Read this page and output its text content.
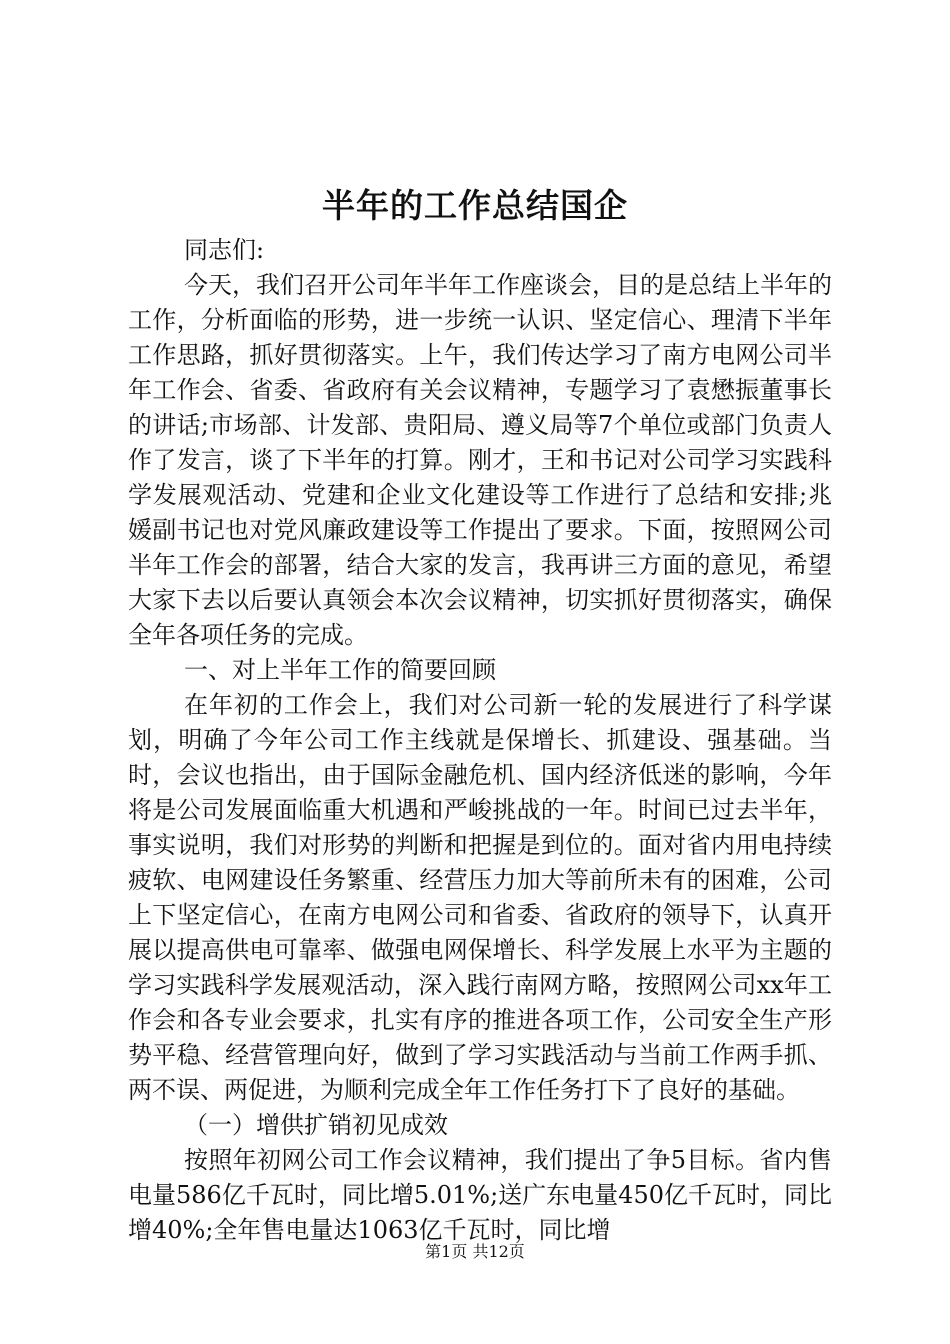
半年的工作总结国企

同志们:

今天，我们召开公司年半年工作座谈会，目的是总结上半年的工作，分析面临的形势，进一步统一认识、坚定信心、理清下半年工作思路，抓好贯彻落实。上午，我们传达学习了南方电网公司半年工作会、省委、省政府有关会议精神，专题学习了袁懋振董事长的讲话;市场部、计发部、贵阳局、遵义局等7个单位或部门负责人作了发言，谈了下半年的打算。刚才，王和书记对公司学习实践科学发展观活动、党建和企业文化建设等工作进行了总结和安排;兆媛副书记也对党风廉政建设等工作提出了要求。下面，按照网公司半年工作会的部署，结合大家的发言，我再讲三方面的意见，希望大家下去以后要认真领会本次会议精神，切实抓好贯彻落实，确保全年各项任务的完成。

一、对上半年工作的简要回顾

在年初的工作会上，我们对公司新一轮的发展进行了科学谋划，明确了今年公司工作主线就是保增长、抓建设、强基础。当时，会议也指出，由于国际金融危机、国内经济低迷的影响，今年将是公司发展面临重大机遇和严峻挑战的一年。时间已过去半年，事实说明，我们对形势的判断和把握是到位的。面对省内用电持续疲软、电网建设任务繁重、经营压力加大等前所未有的困难，公司上下坚定信心，在南方电网公司和省委、省政府的领导下，认真开展以提高供电可靠率、做强电网保增长、科学发展上水平为主题的学习实践科学发展观活动，深入践行南网方略，按照网公司xx年工作会和各专业会要求，扎实有序的推进各项工作，公司安全生产形势平稳、经营管理向好，做到了学习实践活动与当前工作两手抓、两不误、两促进，为顺利完成全年工作任务打下了良好的基础。

（一）增供扩销初见成效

按照年初网公司工作会议精神，我们提出了争5目标。省内售电量586亿千瓦时，同比增5.01%;送广东电量450亿千瓦时，同比增40%;全年售电量达1063亿千瓦时，同比增

第1页 共12页
